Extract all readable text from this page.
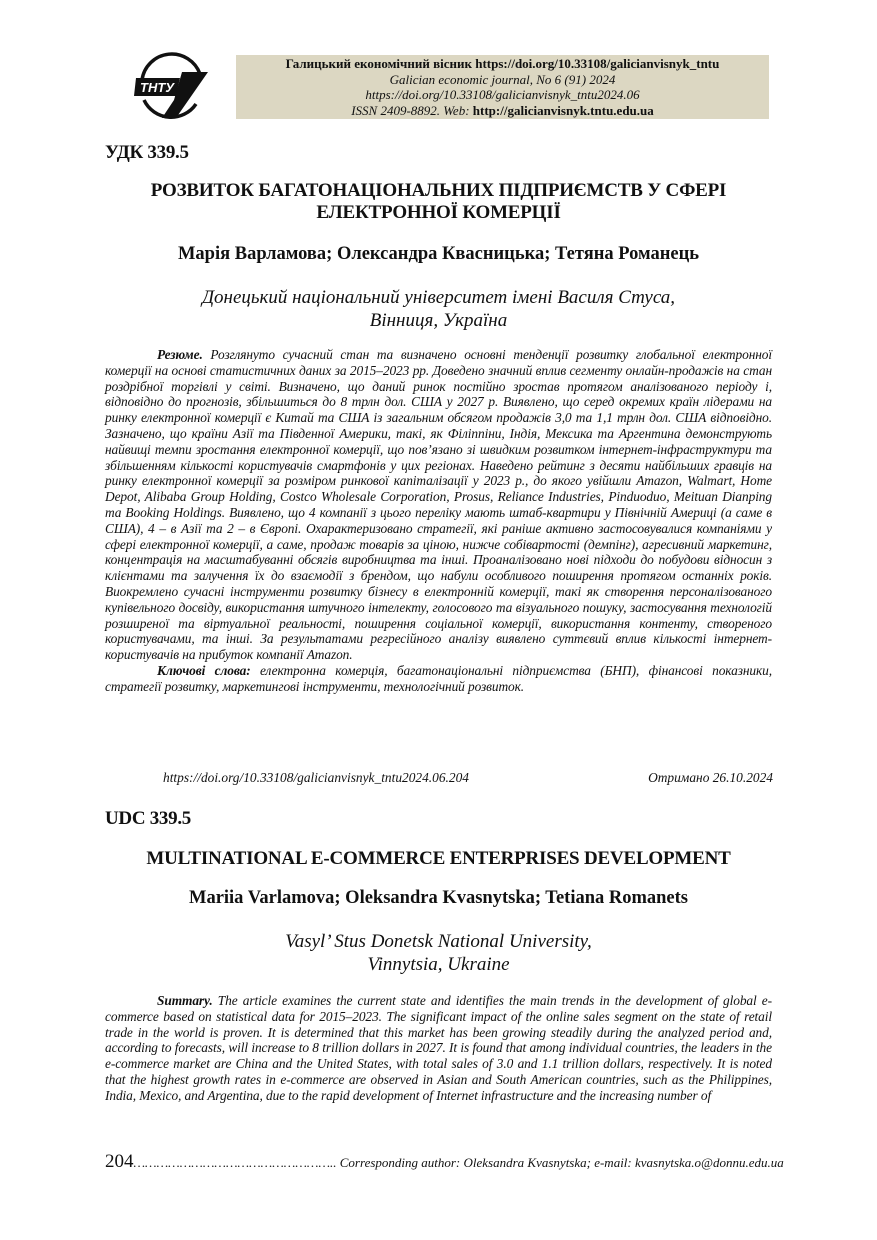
ТНТУ
Галицький економічний вісник https://doi.org/10.33108/galicianvisnyk_tntu
Galician economic journal, No 6 (91) 2024
https://doi.org/10.33108/galicianvisnyk_tntu2024.06
ISSN 2409-8892. Web: http://galicianvisnyk.tntu.edu.ua
УДК 339.5
РОЗВИТОК БАГАТОНАЦІОНАЛЬНИХ ПІДПРИЄМСТВ У СФЕРІ
ЕЛЕКТРОННОЇ КОМЕРЦІЇ
Марія Варламова; Олександра Квасницька; Тетяна Романець
Донецький національний університет імені Василя Стуса,
Вінниця, Україна

Резюме. Розглянуто сучасний стан та визначено основні тенденції розвитку глобальної електронної комерції на основі статистичних даних за 2015–2023 рр. Доведено значний вплив сегменту онлайн-продажів на стан роздрібної торгівлі у світі. Визначено, що даний ринок постійно зростав протягом аналізованого періоду і, відповідно до прогнозів, збільшиться до 8 трлн дол. США у 2027 р. Виявлено, що серед окремих країн лідерами на ринку електронної комерції є Китай та США із загальним обсягом продажів 3,0 та 1,1 трлн дол. США відповідно. Зазначено, що країни Азії та Південної Америки, такі, як Філіппіни, Індія, Мексика та Аргентина демонструють найвищі темпи зростання електронної комерції, що пов’язано зі швидким розвитком інтернет-інфраструктури та збільшенням кількості користувачів смартфонів у цих регіонах. Наведено рейтинг з десяти найбільших гравців на ринку електронної комерції за розміром ринкової капіталізації у 2023 р., до якого увійшли Amazon, Walmart, Home Depot, Alibaba Group Holding, Costco Wholesale Corporation, Prosus, Reliance Industries, Pinduoduo, Meituan Dianping та Booking Holdings. Виявлено, що 4 компанії з цього переліку мають штаб-квартири у Північній Америці (а саме в США), 4 – в Азії та 2 – в Європі. Охарактеризовано стратегії, які раніше активно застосовувалися компаніями у сфері електронної комерції, а саме, продаж товарів за ціною, нижче собівартості (демпінг), агресивний маркетинг, концентрація на масштабуванні обсягів виробництва та інші. Проаналізовано нові підходи до побудови відносин з клієнтами та залучення їх до взаємодії з брендом, що набули особливого поширення протягом останніх років. Виокремлено сучасні інструменти розвитку бізнесу в електронній комерції, такі як створення персоналізованого купівельного досвіду, використання штучного інтелекту, голосового та візуального пошуку, застосування технологій розширеної та віртуальної реальності, поширення соціальної комерції, використання контенту, створеного користувачами, та інші. За результатами регресійного аналізу виявлено суттєвий вплив кількості інтернет-користувачів на прибуток компанії Amazon.

Ключові слова: електронна комерція, багатонаціональні підприємства (БНП), фінансові показники, стратегії розвитку, маркетингові інструменти, технологічний розвиток.

https://doi.org/10.33108/galicianvisnyk_tntu2024.06.204	Отримано 26.10.2024
UDC 339.5
MULTINATIONAL E-COMMERCE ENTERPRISES DEVELOPMENT
Mariia Varlamova; Oleksandra Kvasnytska; Tetiana Romanets
Vasyl’ Stus Donetsk National University,
Vinnytsia, Ukraine

Summary. The article examines the current state and identifies the main trends in the development of global e-commerce based on statistical data for 2015–2023. The significant impact of the online sales segment on the state of retail trade in the world is proven. It is determined that this market has been growing steadily during the analyzed period and, according to forecasts, will increase to 8 trillion dollars in 2027. It is found that among individual countries, the leaders in the e-commerce market are China and the United States, with total sales of 3.0 and 1.1 trillion dollars, respectively. It is noted that the highest growth rates in e-commerce are observed in Asian and South American countries, such as the Philippines, India, Mexico, and Argentina, due to the rapid development of Internet infrastructure and the increasing number of

204…………………………………………….. Corresponding author: Oleksandra Kvasnytska; e-mail: kvasnytska.o@donnu.edu.ua
